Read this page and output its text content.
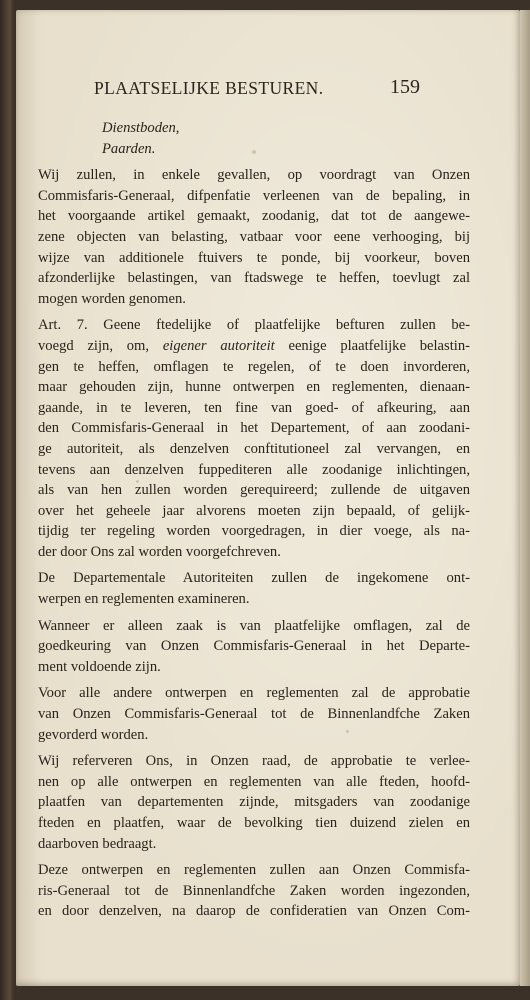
PLAATSELIJKE BESTUREN.	159
Dienstboden,
Paarden.

Wij zullen, in enkele gevallen, op voordragt van Onzen
Commisfaris-Generaal, difpenfatie verleenen van de bepaling, in
het voorgaande artikel gemaakt, zoodanig, dat tot de aangewe-
zene objecten van belasting, vatbaar voor eene verhooging, bij
wijze van additionele ftuivers te ponde, bij voorkeur, boven
afzonderlijke belastingen, van ftadswege te heffen, toevlugt zal
mogen worden genomen.

Art. 7. Geene ftedelijke of plaatfelijke befturen zullen be-
voegd zijn, om, eigener autoriteit eenige plaatfelijke belastin-
gen te heffen, omflagen te regelen, of te doen invorderen,
maar gehouden zijn, hunne ontwerpen en reglementen, dienaan-
gaande, in te leveren, ten fine van goed- of afkeuring, aan
den Commisfaris-Generaal in het Departement, of aan zoodani-
ge autoriteit, als denzelven conftitutioneel zal vervangen, en
tevens aan denzelven fuppediteren alle zoodanige inlichtingen,
als van hen zullen worden gerequireerd; zullende de uitgaven
over het geheele jaar alvorens moeten zijn bepaald, of gelijk-
tijdig ter regeling worden voorgedragen, in dier voege, als na-
der door Ons zal worden voorgefchreven.

De Departementale Autoriteiten zullen de ingekomene ont-
werpen en reglementen examineren.

Wanneer er alleen zaak is van plaatfelijke omflagen, zal de
goedkeuring van Onzen Commisfaris-Generaal in het Departe-
ment voldoende zijn.

Voor alle andere ontwerpen en reglementen zal de approbatie
van Onzen Commisfaris-Generaal tot de Binnenlandfche Zaken
gevorderd worden.

Wij referveren Ons, in Onzen raad, de approbatie te verlee-
nen op alle ontwerpen en reglementen van alle fteden, hoofd-
plaatfen van departementen zijnde, mitsgaders van zoodanige
fteden en plaatfen, waar de bevolking tien duizend zielen en
daarboven bedraagt.

Deze ontwerpen en reglementen zullen aan Onzen Commisfa-
ris-Generaal tot de Binnenlandfche Zaken worden ingezonden,
en door denzelven, na daarop de confideratien van Onzen Com-
